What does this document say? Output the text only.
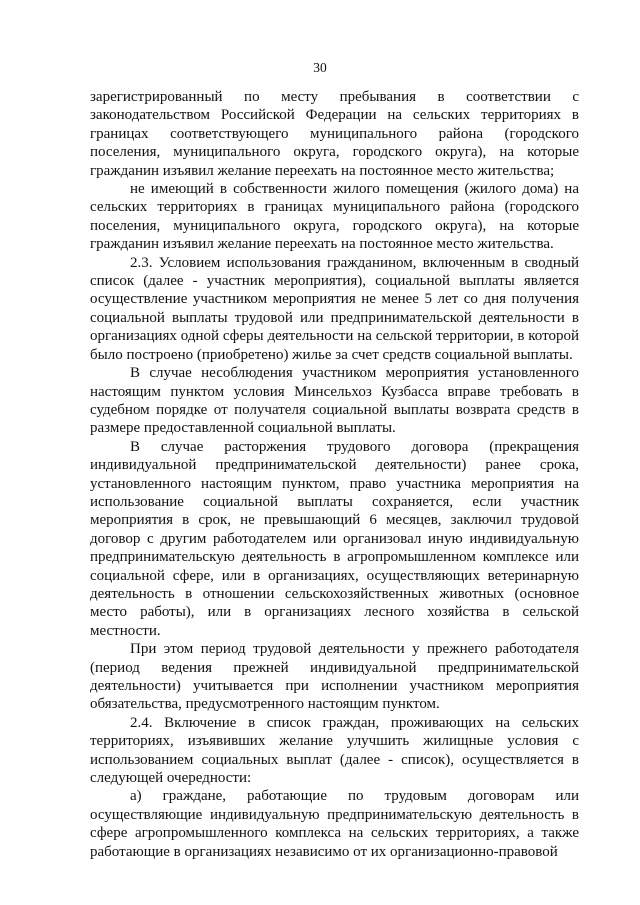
30

зарегистрированный по месту пребывания в соответствии с законодательством Российской Федерации на сельских территориях в границах соответствующего муниципального района (городского поселения, муниципального округа, городского округа), на которые гражданин изъявил желание переехать на постоянное место жительства;

не имеющий в собственности жилого помещения (жилого дома) на сельских территориях в границах муниципального района (городского поселения, муниципального округа, городского округа), на которые гражданин изъявил желание переехать на постоянное место жительства.

2.3. Условием использования гражданином, включенным в сводный список (далее - участник мероприятия), социальной выплаты является осуществление участником мероприятия не менее 5 лет со дня получения социальной выплаты трудовой или предпринимательской деятельности в организациях одной сферы деятельности на сельской территории, в которой было построено (приобретено) жилье за счет средств социальной выплаты.

В случае несоблюдения участником мероприятия установленного настоящим пунктом условия Минсельхоз Кузбасса вправе требовать в судебном порядке от получателя социальной выплаты возврата средств в размере предоставленной социальной выплаты.

В случае расторжения трудового договора (прекращения индивидуальной предпринимательской деятельности) ранее срока, установленного настоящим пунктом, право участника мероприятия на использование социальной выплаты сохраняется, если участник мероприятия в срок, не превышающий 6 месяцев, заключил трудовой договор с другим работодателем или организовал иную индивидуальную предпринимательскую деятельность в агропромышленном комплексе или социальной сфере, или в организациях, осуществляющих ветеринарную деятельность в отношении сельскохозяйственных животных (основное место работы), или в организациях лесного хозяйства в сельской местности.

При этом период трудовой деятельности у прежнего работодателя (период ведения прежней индивидуальной предпринимательской деятельности) учитывается при исполнении участником мероприятия обязательства, предусмотренного настоящим пунктом.

2.4. Включение в список граждан, проживающих на сельских территориях, изъявивших желание улучшить жилищные условия с использованием социальных выплат (далее - список), осуществляется в следующей очередности:

а) граждане, работающие по трудовым договорам или осуществляющие индивидуальную предпринимательскую деятельность в сфере агропромышленного комплекса на сельских территориях, а также работающие в организациях независимо от их организационно-правовой
